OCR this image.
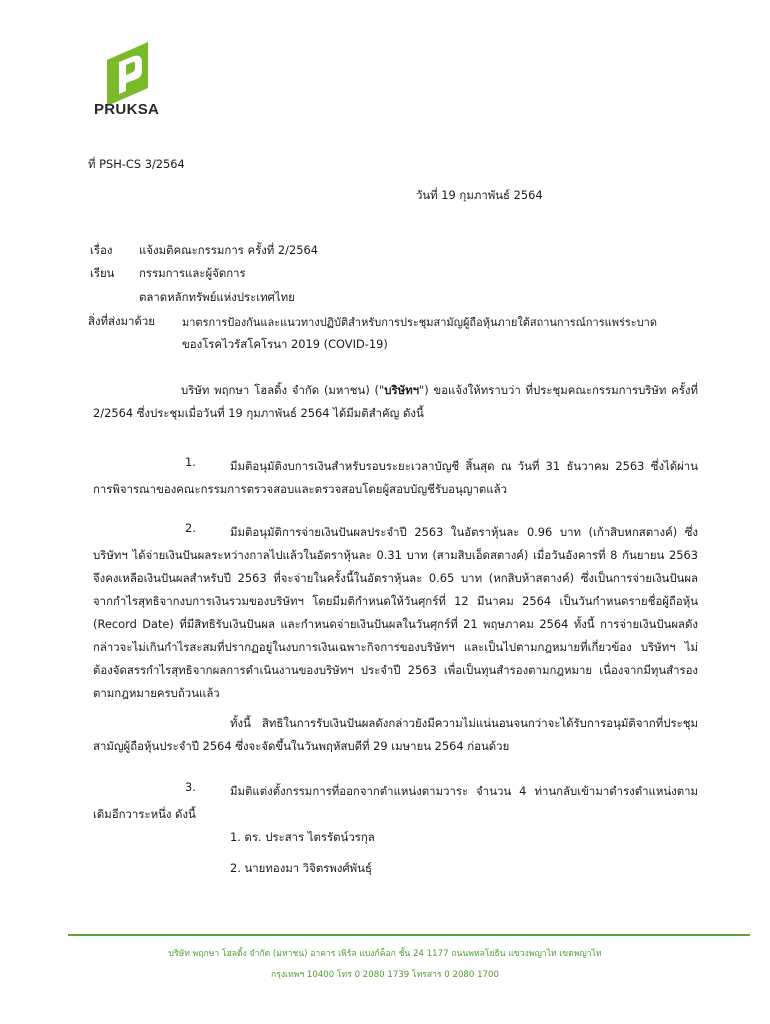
PRUKSA
ที่ PSH-CS 3/2564
วันที่ 19 กุมภาพันธ์ 2564
เรื่อง แจ้งมติคณะกรรมการ ครั้งที่ 2/2564
เรียน กรรมการและผู้จัดการ
ตลาดหลักทรัพย์แห่งประเทศไทย
สิ่งที่ส่งมาด้วย มาตรการป้องกันและแนวทางปฏิบัติสำหรับการประชุมสามัญผู้ถือหุ้นภายใต้สถานการณ์การแพร่ระบาด
ของโรคไวรัสโคโรนา 2019 (COVID-19)
บริษัท พฤกษา โฮลดิ้ง จำกัด (มหาชน) ("บริษัทฯ") ขอแจ้งให้ทราบว่า ที่ประชุมคณะกรรมการบริษัท ครั้งที่ 2/2564 ซึ่งประชุมเมื่อวันที่ 19 กุมภาพันธ์ 2564 ได้มีมติสำคัญ ดังนี้
1.	มีมติอนุมัติงบการเงินสำหรับรอบระยะเวลาบัญชี สิ้นสุด ณ วันที่ 31 ธันวาคม 2563 ซึ่งได้ผ่านการพิจารณาของคณะกรรมการตรวจสอบและตรวจสอบโดยผู้สอบบัญชีรับอนุญาตแล้ว
2.	มีมติอนุมัติการจ่ายเงินปันผลประจำปี 2563 ในอัตราหุ้นละ 0.96 บาท (เก้าสิบหกสตางค์) ซึ่งบริษัทฯ ได้จ่ายเงินปันผลระหว่างกาลไปแล้วในอัตราหุ้นละ 0.31 บาท (สามสิบเอ็ดสตางค์) เมื่อวันอังคารที่ 8 กันยายน 2563 จึงคงเหลือเงินปันผลสำหรับปี 2563 ที่จะจ่ายในครั้งนี้ในอัตราหุ้นละ 0.65 บาท (หกสิบห้าสตางค์) ซึ่งเป็นการจ่ายเงินปันผลจากกำไรสุทธิจากงบการเงินรวมของบริษัทฯ โดยมีมติกำหนดให้วันศุกร์ที่ 12 มีนาคม 2564 เป็นวันกำหนดรายชื่อผู้ถือหุ้น (Record Date) ที่มีสิทธิรับเงินปันผล และกำหนดจ่ายเงินปันผลในวันศุกร์ที่ 21 พฤษภาคม 2564 ทั้งนี้ การจ่ายเงินปันผลดังกล่าวจะไม่เกินกำไรสะสมที่ปรากฏอยู่ในงบการเงินเฉพาะกิจการของบริษัทฯ และเป็นไปตามกฎหมายที่เกี่ยวข้อง บริษัทฯ ไม่ต้องจัดสรรกำไรสุทธิจากผลการดำเนินงานของบริษัทฯ ประจำปี 2563 เพื่อเป็นทุนสำรองตามกฎหมาย เนื่องจากมีทุนสำรองตามกฎหมายครบถ้วนแล้ว
ทั้งนี้ สิทธิในการรับเงินปันผลดังกล่าวยังมีความไม่แน่นอนจนกว่าจะได้รับการอนุมัติจากที่ประชุมสามัญผู้ถือหุ้นประจำปี 2564 ซึ่งจะจัดขึ้นในวันพฤหัสบดีที่ 29 เมษายน 2564 ก่อนด้วย
3.	มีมติแต่งตั้งกรรมการที่ออกจากตำแหน่งตามวาระ จำนวน 4 ท่านกลับเข้ามาดำรงตำแหน่งตามเดิมอีกวาระหนึ่ง ดังนี้
1. ดร. ประสาร ไตรรัตน์วรกุล
2. นายทองมา วิจิตรพงศ์พันธุ์
บริษัท พฤกษา โฮลดิ้ง จำกัด (มหาชน) อาคาร เพิร์ล แบงก์ค็อก ชั้น 24 1177 ถนนพหลโยธิน แขวงพญาไท เขตพญาไท
กรุงเทพฯ 10400 โทร 0 2080 1739 โทรสาร 0 2080 1700
